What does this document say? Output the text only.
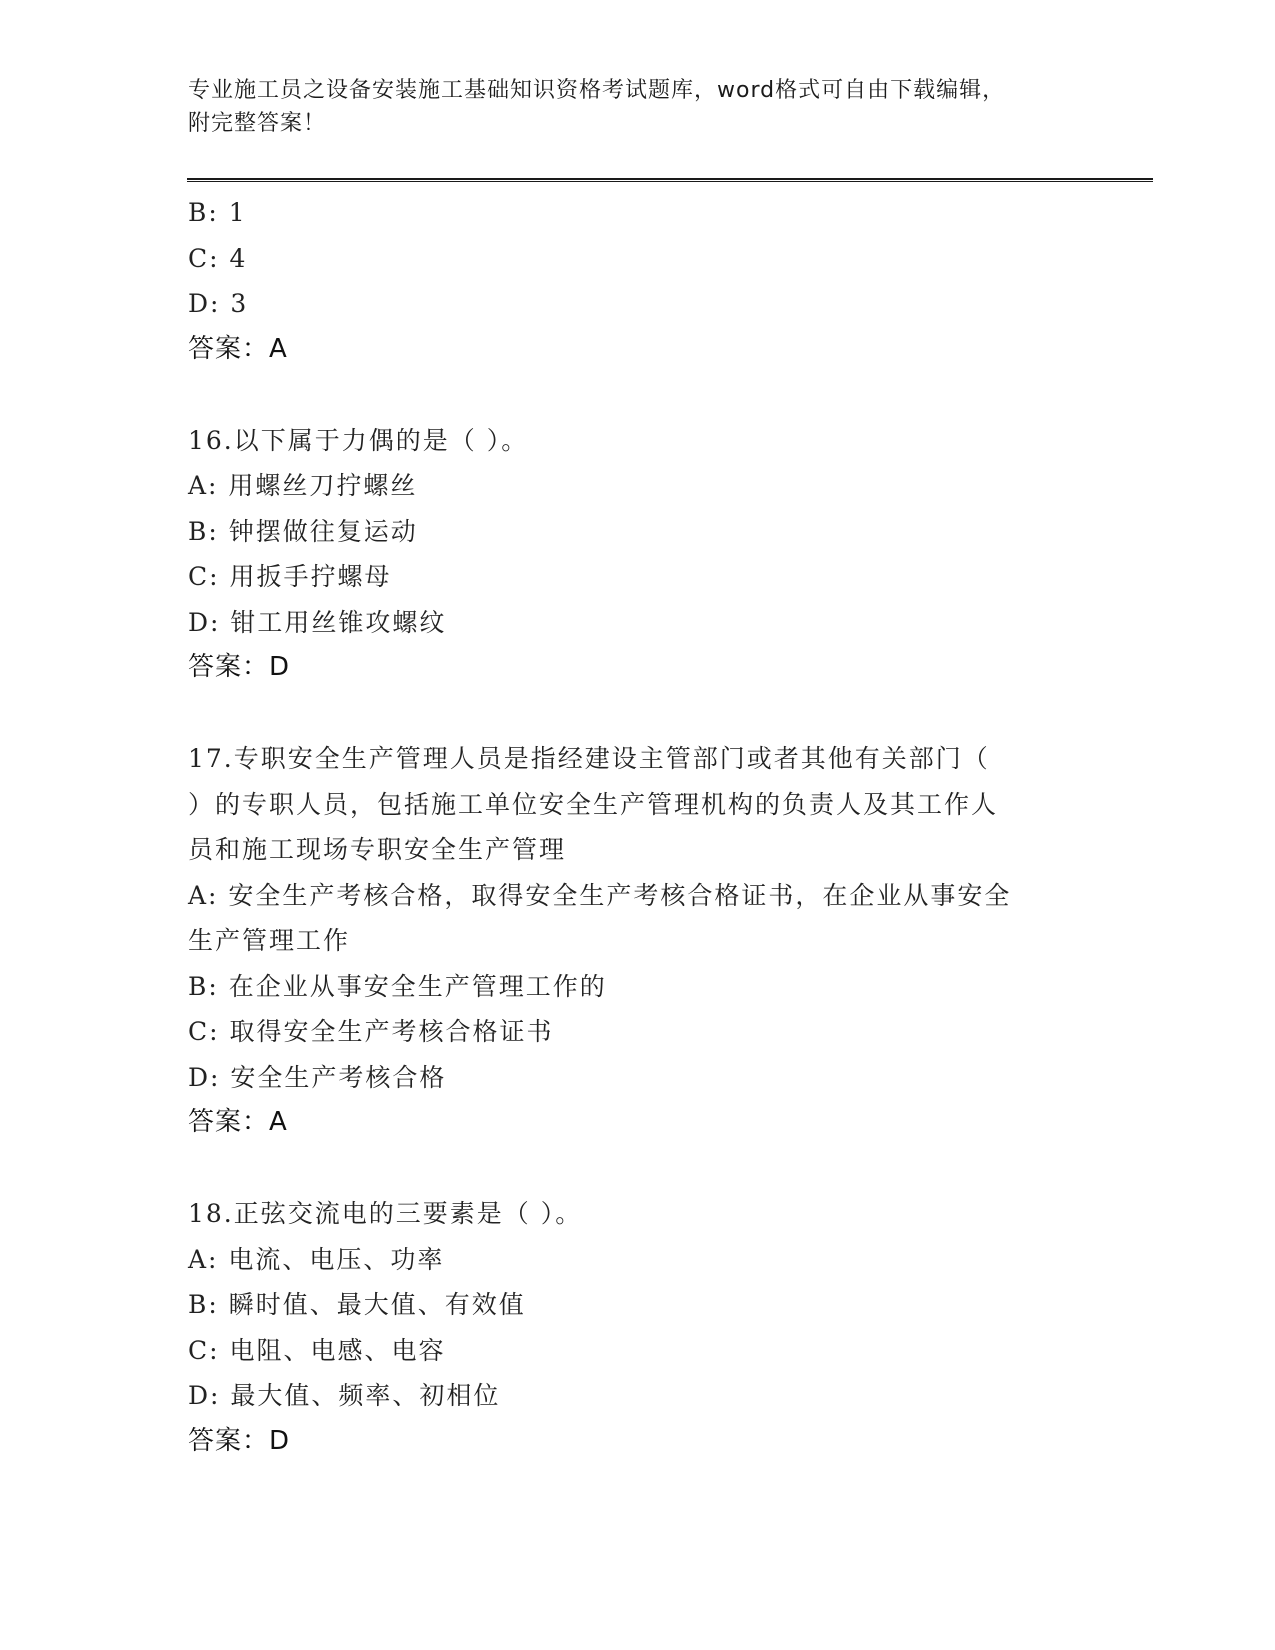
专业施工员之设备安装施工基础知识资格考试题库，word格式可自由下载编辑，
附完整答案！
B: 1
C: 4
D: 3
答案：A
16.以下属于力偶的是（ ）。
A: 用螺丝刀拧螺丝
B: 钟摆做往复运动
C: 用扳手拧螺母
D: 钳工用丝锥攻螺纹
答案：D
17.专职安全生产管理人员是指经建设主管部门或者其他有关部门（
）的专职人员，包括施工单位安全生产管理机构的负责人及其工作人
员和施工现场专职安全生产管理
A: 安全生产考核合格，取得安全生产考核合格证书，在企业从事安全
生产管理工作
B: 在企业从事安全生产管理工作的
C: 取得安全生产考核合格证书
D: 安全生产考核合格
答案：A
18.正弦交流电的三要素是（ ）。
A: 电流、电压、功率
B: 瞬时值、最大值、有效值
C: 电阻、电感、电容
D: 最大值、频率、初相位
答案：D
